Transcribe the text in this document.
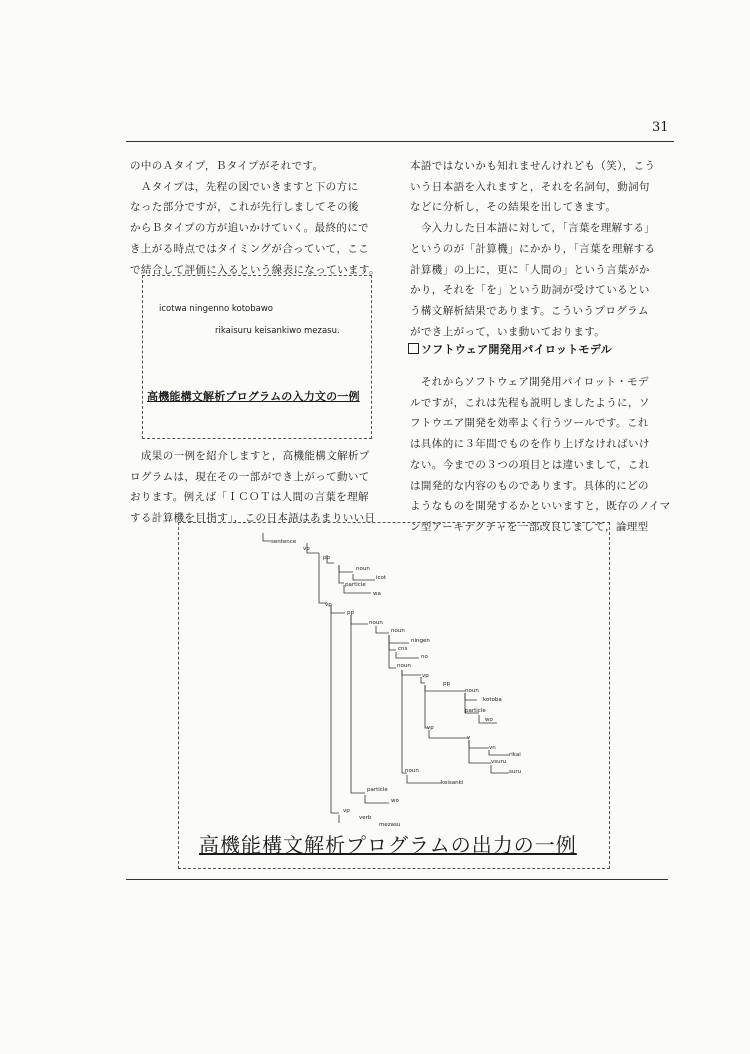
31

の中のＡタイプ，Ｂタイプがそれです。

　Ａタイプは，先程の図でいきますと下の方に

なった部分ですが，これが先行しましてその後

からＢタイプの方が追いかけていく。最終的にで

き上がる時点ではタイミングが合っていて，ここ

で結合して評価に入るという線表になっています。

icotwa ningenno kotobawo
rikaisuru keisankiwo mezasu.
高機能構文解析プログラムの入力文の一例

　成果の一例を紹介しますと，高機能構文解析プ

ログラムは，現在その一部ができ上がって動いて

おります。例えば「ＩＣＯＴは人間の言葉を理解

する計算機を目指す」，この日本語はあまりいい日

本語ではないかも知れませんけれども（笑），こう

いう日本語を入れますと，それを名詞句，動詞句

などに分析し，その結果を出してきます。

　今入力した日本語に対して，「言葉を理解する」

というのが「計算機」にかかり，「言葉を理解する

計算機」の上に，更に「人間の」という言葉がか

かり，それを「を」という助詞が受けているとい

う構文解析結果であります。こういうプログラム

ができ上がって，いま動いております。

ソフトウェア開発用パイロットモデル

　それからソフトウェア開発用パイロット・モデ

ルですが，これは先程も説明しましたように，ソ

フトウエア開発を効率よく行うツールです。これ

は具体的に３年間でものを作り上げなければいけ

ない。今までの３つの項目とは違いまして，これ

は開発的な内容のものであります。具体的にどの

ようなものを開発するかといいますと，既存のノイマ

ン型アーキテクチャを一部改良しまして，論理型

sentence
vp
pp
noun
icot
particle
wa
vp
pp
noun
noun
ningen
cns
no
noun
vp
pp
noun
kotoba
particle
wo
vp
v
vn
rikai
vsuru
suru
noun
keisanki
particle
wo
vp
verb
mezasu
高機能構文解析プログラムの出力の一例
